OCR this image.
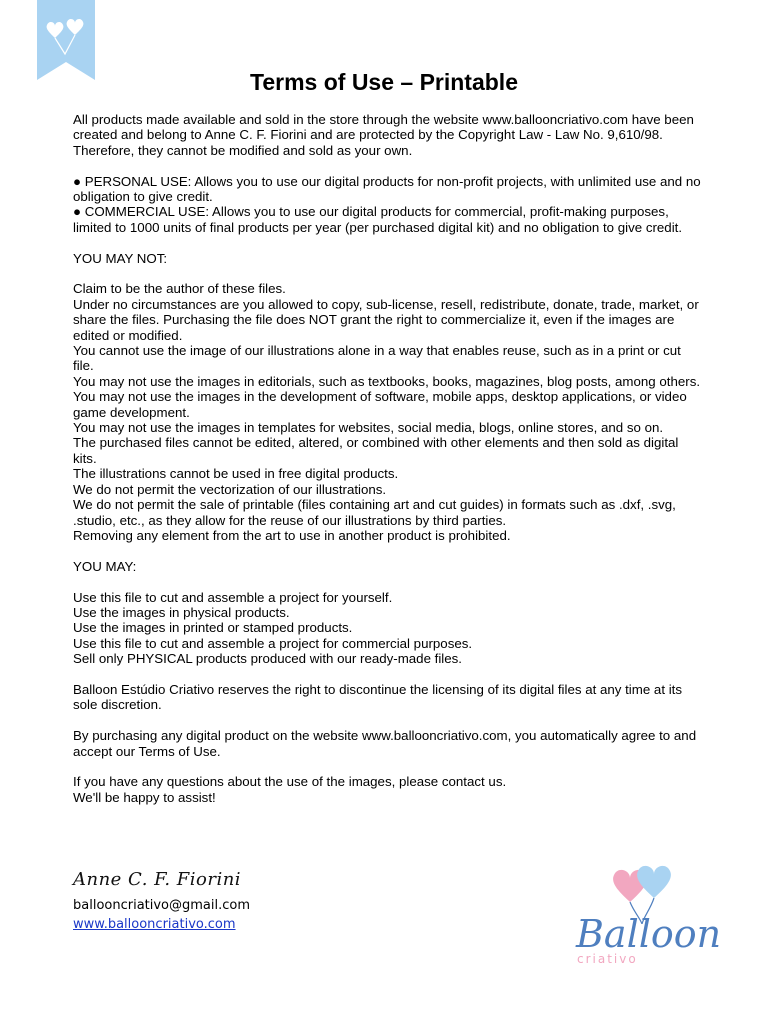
Terms of Use – Printable

All products made available and sold in the store through the website www.ballooncriativo.com have been created and belong to Anne C. F. Fiorini and are protected by the Copyright Law - Law No. 9,610/98. Therefore, they cannot be modified and sold as your own.

● PERSONAL USE: Allows you to use our digital products for non-profit projects, with unlimited use and no obligation to give credit.

● COMMERCIAL USE: Allows you to use our digital products for commercial, profit-making purposes, limited to 1000 units of final products per year (per purchased digital kit) and no obligation to give credit.

YOU MAY NOT:

Claim to be the author of these files.

Under no circumstances are you allowed to copy, sub-license, resell, redistribute, donate, trade, market, or share the files. Purchasing the file does NOT grant the right to commercialize it, even if the images are edited or modified.

You cannot use the image of our illustrations alone in a way that enables reuse, such as in a print or cut file.

You may not use the images in editorials, such as textbooks, books, magazines, blog posts, among others.

You may not use the images in the development of software, mobile apps, desktop applications, or video game development.

You may not use the images in templates for websites, social media, blogs, online stores, and so on.

The purchased files cannot be edited, altered, or combined with other elements and then sold as digital kits.

The illustrations cannot be used in free digital products.

We do not permit the vectorization of our illustrations.

We do not permit the sale of printable (files containing art and cut guides) in formats such as .dxf, .svg, .studio, etc., as they allow for the reuse of our illustrations by third parties.

Removing any element from the art to use in another product is prohibited.

YOU MAY:

Use this file to cut and assemble a project for yourself.

Use the images in physical products.

Use the images in printed or stamped products.

Use this file to cut and assemble a project for commercial purposes.

Sell only PHYSICAL products produced with our ready-made files.

Balloon Estúdio Criativo reserves the right to discontinue the licensing of its digital files at any time at its sole discretion.

By purchasing any digital product on the website www.ballooncriativo.com, you automatically agree to and accept our Terms of Use.

If you have any questions about the use of the images, please contact us.

We'll be happy to assist!

Anne C. F. Fiorini
ballooncriativo@gmail.com
www.ballooncriativo.com	Balloon
criativo
